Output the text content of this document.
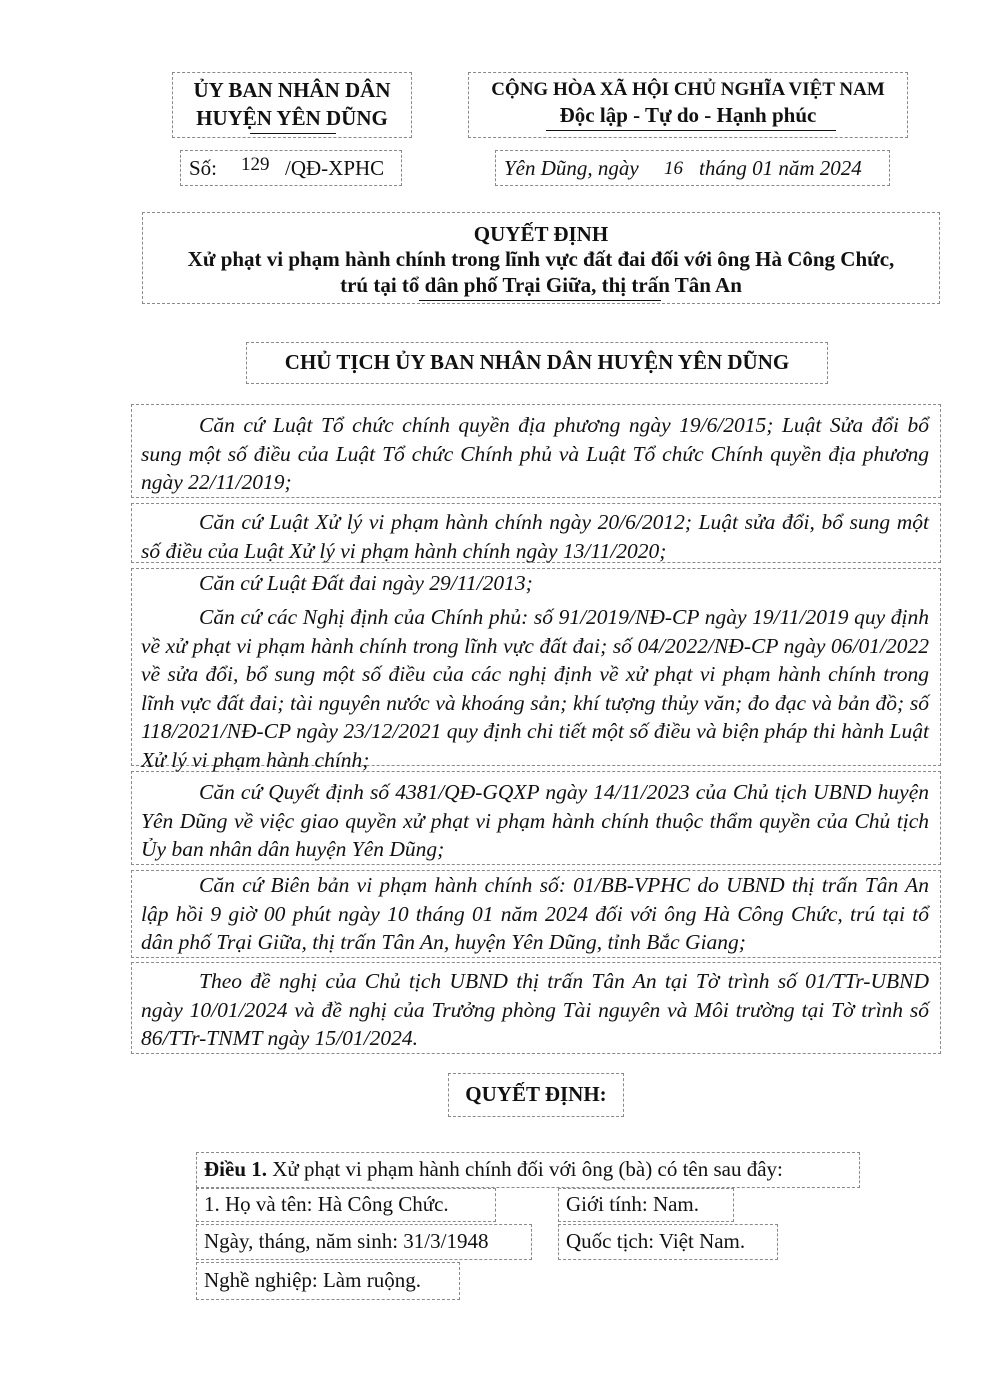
ỦY BAN NHÂN DÂN
HUYỆN YÊN DŨNG
Số: 129 /QĐ-XPHC
CỘNG HÒA XÃ HỘI CHỦ NGHĨA VIỆT NAM
Độc lập - Tự do - Hạnh phúc
Yên Dũng, ngày 16 tháng 01 năm 2024
QUYẾT ĐỊNH
Xử phạt vi phạm hành chính trong lĩnh vực đất đai đối với ông Hà Công Chức,
trú tại tổ dân phố Trại Giữa, thị trấn Tân An
CHỦ TỊCH ỦY BAN NHÂN DÂN HUYỆN YÊN DŨNG
Căn cứ Luật Tổ chức chính quyền địa phương ngày 19/6/2015; Luật Sửa đổi bổ sung một số điều của Luật Tổ chức Chính phủ và Luật Tổ chức Chính quyền địa phương ngày 22/11/2019;
Căn cứ Luật Xử lý vi phạm hành chính ngày 20/6/2012; Luật sửa đổi, bổ sung một số điều của Luật Xử lý vi phạm hành chính ngày 13/11/2020;
Căn cứ Luật Đất đai ngày 29/11/2013;
Căn cứ các Nghị định của Chính phủ: số 91/2019/NĐ-CP ngày 19/11/2019 quy định về xử phạt vi phạm hành chính trong lĩnh vực đất đai; số 04/2022/NĐ-CP ngày 06/01/2022 về sửa đổi, bổ sung một số điều của các nghị định về xử phạt vi phạm hành chính trong lĩnh vực đất đai; tài nguyên nước và khoáng sản; khí tượng thủy văn; đo đạc và bản đồ; số 118/2021/NĐ-CP ngày 23/12/2021 quy định chi tiết một số điều và biện pháp thi hành Luật Xử lý vi phạm hành chính;
Căn cứ Quyết định số 4381/QĐ-GQXP ngày 14/11/2023 của Chủ tịch UBND huyện Yên Dũng về việc giao quyền xử phạt vi phạm hành chính thuộc thẩm quyền của Chủ tịch Ủy ban nhân dân huyện Yên Dũng;
Căn cứ Biên bản vi phạm hành chính số: 01/BB-VPHC do UBND thị trấn Tân An lập hồi 9 giờ 00 phút ngày 10 tháng 01 năm 2024 đối với ông Hà Công Chức, trú tại tổ dân phố Trại Giữa, thị trấn Tân An, huyện Yên Dũng, tỉnh Bắc Giang;
Theo đề nghị của Chủ tịch UBND thị trấn Tân An tại Tờ trình số 01/TTr-UBND ngày 10/01/2024 và đề nghị của Trưởng phòng Tài nguyên và Môi trường tại Tờ trình số 86/TTr-TNMT ngày 15/01/2024.
QUYẾT ĐỊNH:
Điều 1. Xử phạt vi phạm hành chính đối với ông (bà) có tên sau đây:
1. Họ và tên: Hà Công Chức.	Giới tính: Nam.
Ngày, tháng, năm sinh: 31/3/1948	Quốc tịch: Việt Nam.
Nghề nghiệp: Làm ruộng.
